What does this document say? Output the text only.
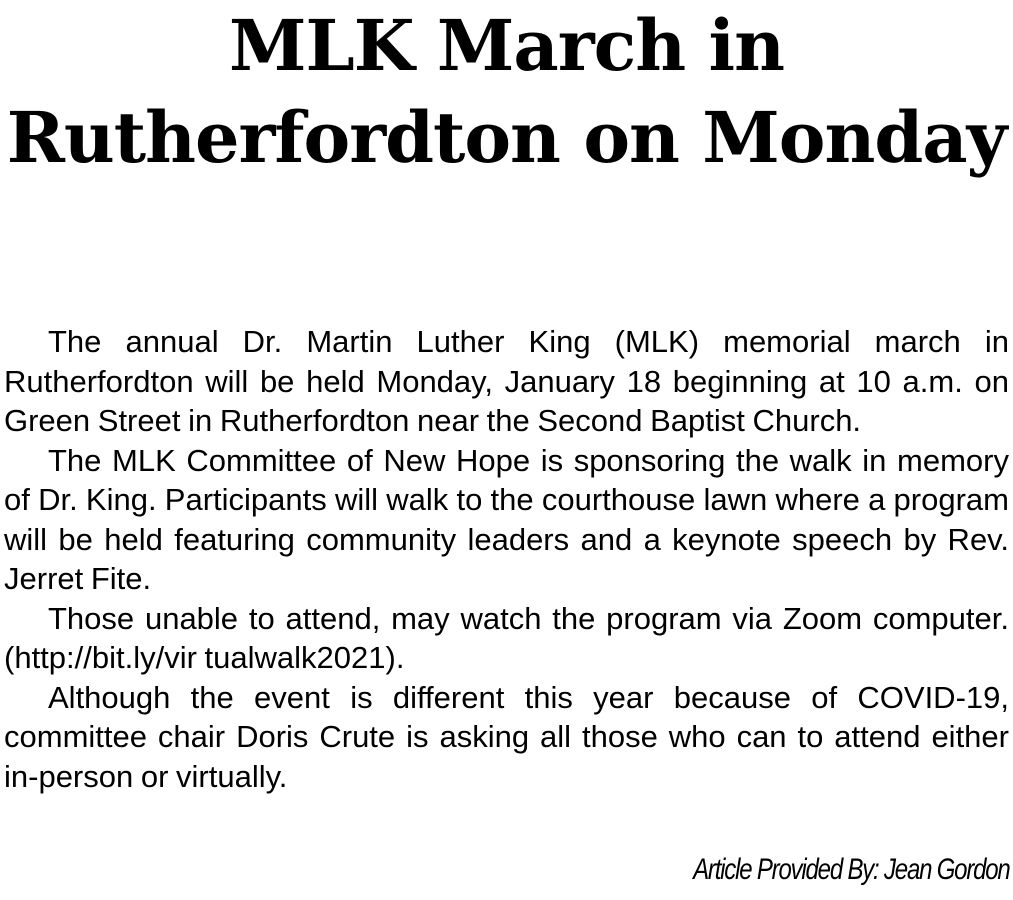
MLK March in Rutherfordton on Monday

The annual Dr. Martin Luther King (MLK) memorial march in Rutherfordton will be held Monday, January 18 beginning at 10 a.m. on Green Street in Rutherfordton near the Second Baptist Church.

The MLK Committee of New Hope is sponsoring the walk in memory of Dr. King. Participants will walk to the courthouse lawn where a program will be held featuring community leaders and a keynote speech by Rev. Jerret Fite.

Those unable to attend, may watch the program via Zoom computer. (http://bit.ly/vir tualwalk2021).

Although the event is different this year because of COVID-19, committee chair Doris Crute is asking all those who can to attend either in-person or virtually.

Article Provided By: Jean Gordon
